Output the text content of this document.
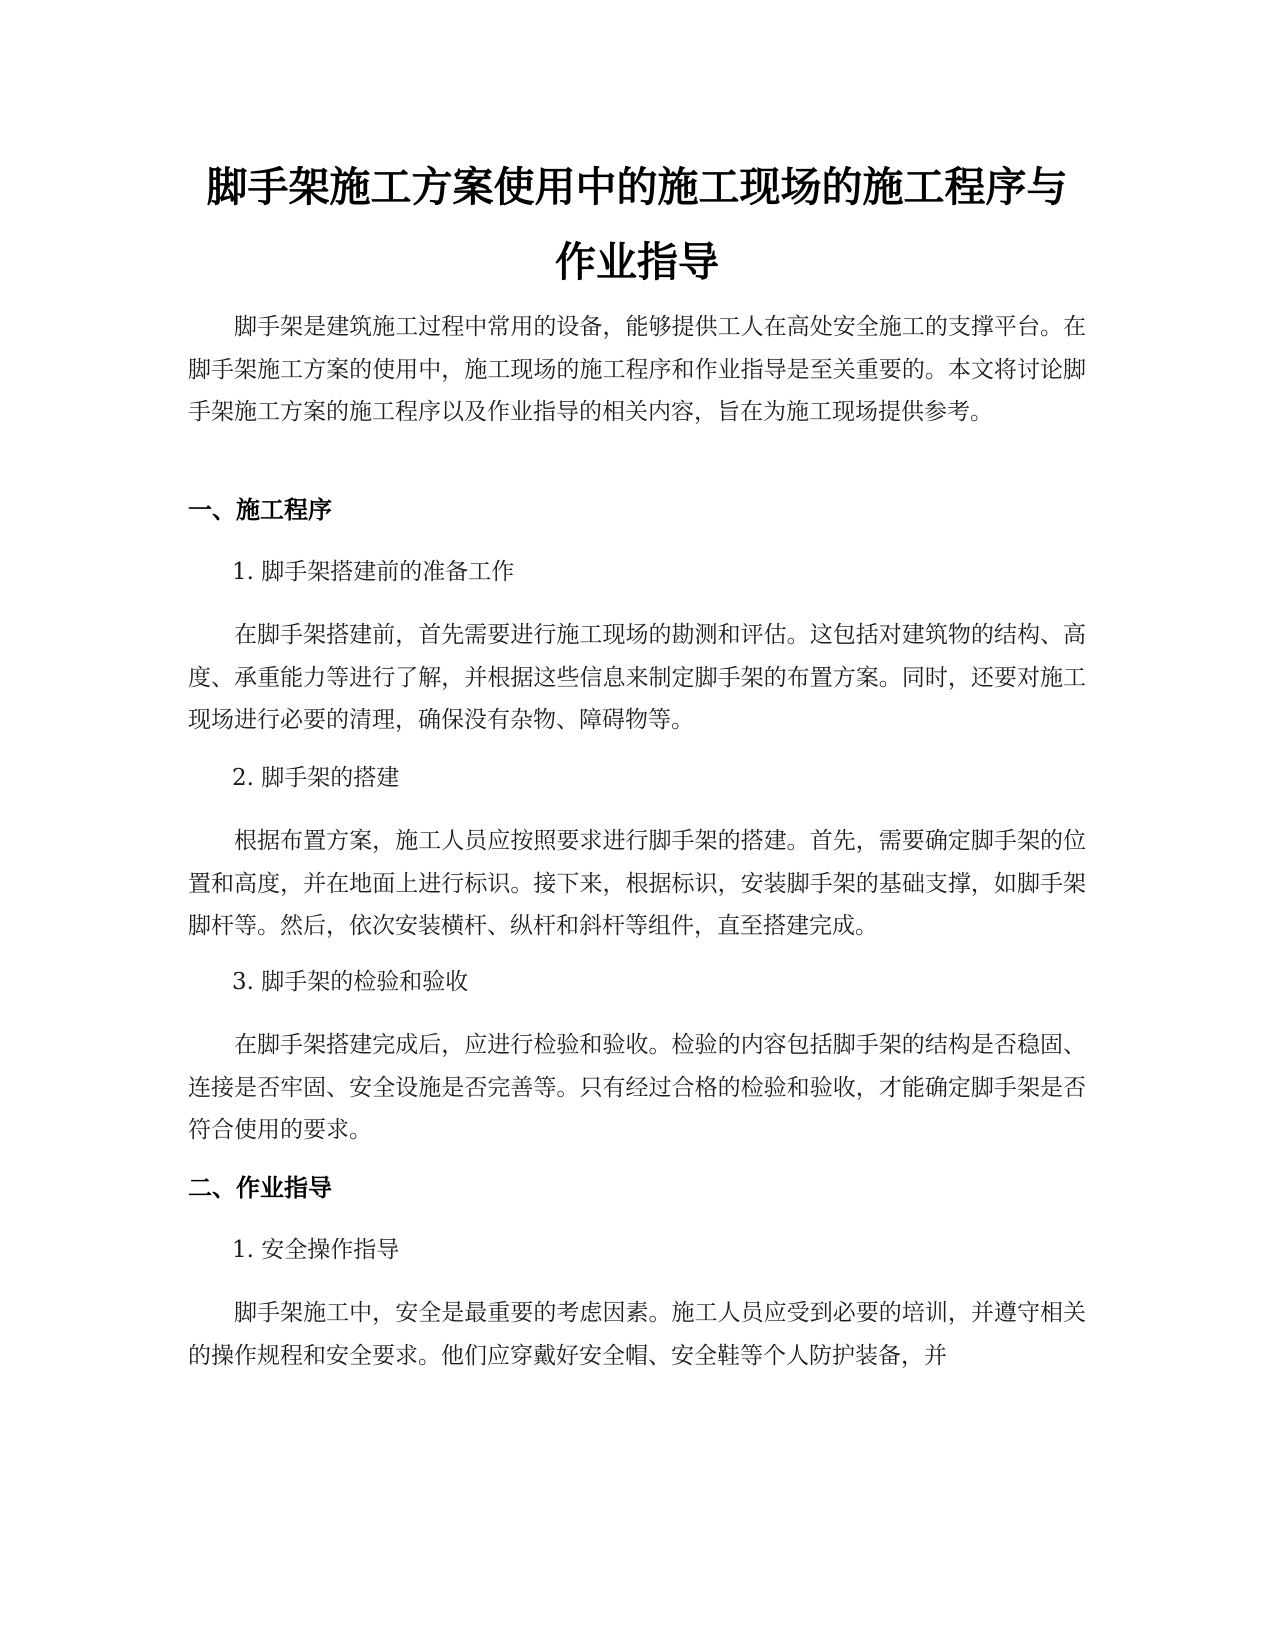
脚手架施工方案使用中的施工现场的施工程序与作业指导

脚手架是建筑施工过程中常用的设备，能够提供工人在高处安全施工的支撑平台。在脚手架施工方案的使用中，施工现场的施工程序和作业指导是至关重要的。本文将讨论脚手架施工方案的施工程序以及作业指导的相关内容，旨在为施工现场提供参考。

一、施工程序

1. 脚手架搭建前的准备工作

在脚手架搭建前，首先需要进行施工现场的勘测和评估。这包括对建筑物的结构、高度、承重能力等进行了解，并根据这些信息来制定脚手架的布置方案。同时，还要对施工现场进行必要的清理，确保没有杂物、障碍物等。

2. 脚手架的搭建

根据布置方案，施工人员应按照要求进行脚手架的搭建。首先，需要确定脚手架的位置和高度，并在地面上进行标识。接下来，根据标识，安装脚手架的基础支撑，如脚手架脚杆等。然后，依次安装横杆、纵杆和斜杆等组件，直至搭建完成。

3. 脚手架的检验和验收

在脚手架搭建完成后，应进行检验和验收。检验的内容包括脚手架的结构是否稳固、连接是否牢固、安全设施是否完善等。只有经过合格的检验和验收，才能确定脚手架是否符合使用的要求。

二、作业指导

1. 安全操作指导

脚手架施工中，安全是最重要的考虑因素。施工人员应受到必要的培训，并遵守相关的操作规程和安全要求。他们应穿戴好安全帽、安全鞋等个人防护装备，并
